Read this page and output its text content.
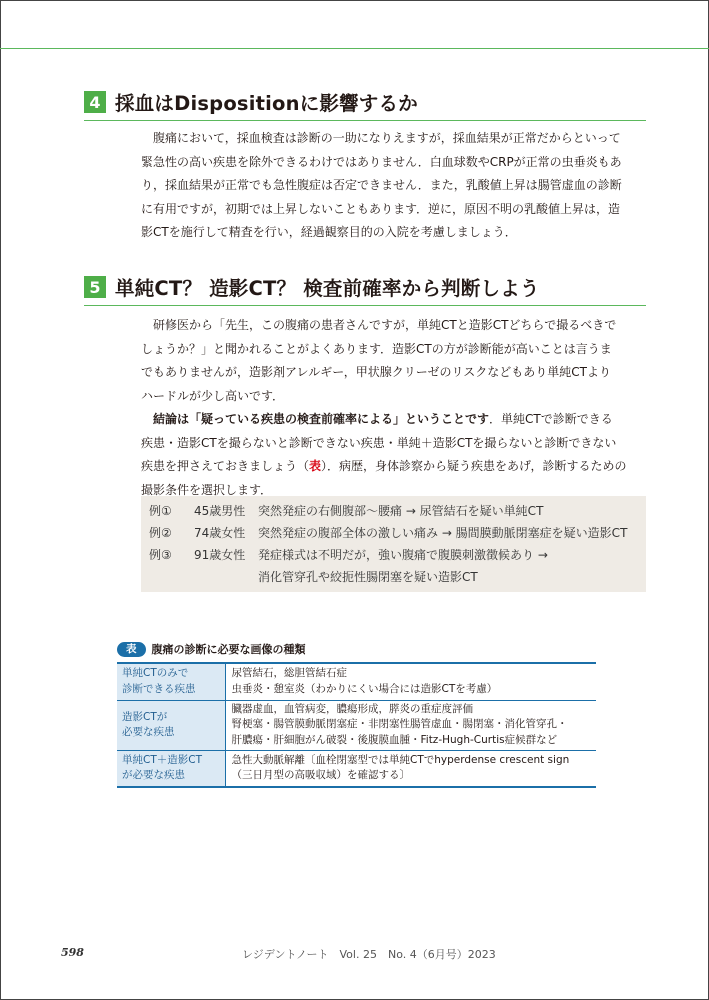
4 採血はDispositionに影響するか
腹痛において，採血検査は診断の一助になりえますが，採血結果が正常だからといって
緊急性の高い疾患を除外できるわけではありません．白血球数やCRPが正常の虫垂炎もあ
り，採血結果が正常でも急性腹症は否定できません．また，乳酸値上昇は腸管虚血の診断
に有用ですが，初期では上昇しないこともあります．逆に，原因不明の乳酸値上昇は，造
影CTを施行して精査を行い，経過観察目的の入院を考慮しましょう．
5 単純CT？ 造影CT？ 検査前確率から判断しよう
研修医から「先生，この腹痛の患者さんですが，単純CTと造影CTどちらで撮るべきで
しょうか？」と聞かれることがよくあります．造影CTの方が診断能が高いことは言うま
でもありませんが，造影剤アレルギー，甲状腺クリーゼのリスクなどもあり単純CTより
ハードルが少し高いです．
結論は「疑っている疾患の検査前確率による」ということです．単純CTで診断できる
疾患・造影CTを撮らないと診断できない疾患・単純＋造影CTを撮らないと診断できない
疾患を押さえておきましょう（表）．病歴，身体診察から疑う疾患をあげ，診断するための
撮影条件を選択します．
例①	45歳男性	突然発症の右側腹部〜腰痛 → 尿管結石を疑い単純CT
例②	74歳女性	突然発症の腹部全体の激しい痛み → 腸間膜動脈閉塞症を疑い造影CT
例③	91歳女性	発症様式は不明だが，強い腹痛で腹膜刺激徴候あり →
消化管穿孔や絞扼性腸閉塞を疑い造影CT
表	腹痛の診断に必要な画像の種類
単純CTのみで
診断できる疾患	尿管結石，総胆管結石症
虫垂炎・憩室炎（わかりにくい場合には造影CTを考慮）

造影CTが
必要な疾患	臓器虚血，血管病変，膿瘍形成，膵炎の重症度評価
腎梗塞・腸管膜動脈閉塞症・非閉塞性腸管虚血・腸閉塞・消化管穿孔・
肝膿瘍・肝細胞がん破裂・後腹膜血腫・Fitz-Hugh-Curtis症候群など

単純CT＋造影CT
が必要な疾患	急性大動脈解離〔血栓閉塞型では単純CTでhyperdense crescent sign
（三日月型の高吸収域）を確認する〕
598	レジデントノート　Vol. 25　No. 4（6月号）2023
